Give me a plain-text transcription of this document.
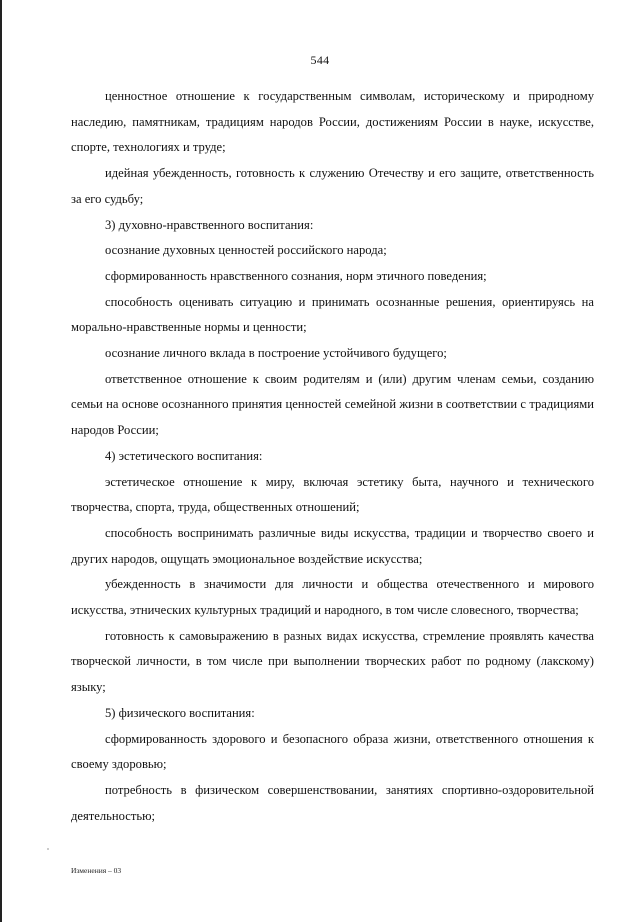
544

ценностное отношение к государственным символам, историческому и природному наследию, памятникам, традициям народов России, достижениям России в науке, искусстве, спорте, технологиях и труде;

идейная убежденность, готовность к служению Отечеству и его защите, ответственность за его судьбу;

3) духовно-нравственного воспитания:

осознание духовных ценностей российского народа;

сформированность нравственного сознания, норм этичного поведения;

способность оценивать ситуацию и принимать осознанные решения, ориентируясь на морально-нравственные нормы и ценности;

осознание личного вклада в построение устойчивого будущего;

ответственное отношение к своим родителям и (или) другим членам семьи, созданию семьи на основе осознанного принятия ценностей семейной жизни в соответствии с традициями народов России;

4) эстетического воспитания:

эстетическое отношение к миру, включая эстетику быта, научного и технического творчества, спорта, труда, общественных отношений;

способность воспринимать различные виды искусства, традиции и творчество своего и других народов, ощущать эмоциональное воздействие искусства;

убежденность в значимости для личности и общества отечественного и мирового искусства, этнических культурных традиций и народного, в том числе словесного, творчества;

готовность к самовыражению в разных видах искусства, стремление проявлять качества творческой личности, в том числе при выполнении творческих работ по родному (лакскому) языку;

5) физического воспитания:

сформированность здорового и безопасного образа жизни, ответственного отношения к своему здоровью;

потребность в физическом совершенствовании, занятиях спортивно-оздоровительной деятельностью;

Изменения – 03
